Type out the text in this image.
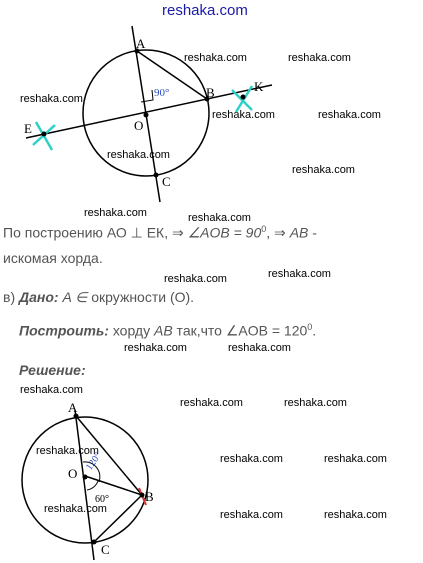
reshaka.com
reshaka.com	reshaka.com
reshaka.com
reshaka.com	reshaka.com
reshaka.com
reshaka.com
reshaka.com	reshaka.com
reshaka.com	reshaka.com
reshaka.com	reshaka.com
reshaka.com
reshaka.com	reshaka.com
reshaka.com
reshaka.com	reshaka.com
reshaka.com	reshaka.com	reshaka.com
A
B
O
C
E
K
90°
По построению АО ⊥ ЕК, ⇒ ∠AOB = $90^0$, ⇒ AB -
искомая хорда.
в) Дано: A ∈ окружности (О).
Построить: хорду AB так,что ∠AOB = $120^0$.
Решение:
A
O
B
C
120°
60°
